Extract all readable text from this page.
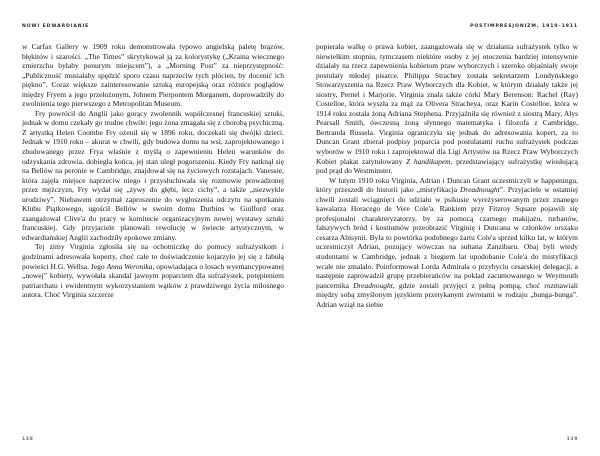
NOWI EDWARDIANIE

w Carfax Gallery w 1909 roku demonstrowała typowo angielską paletę brązów, błękitów i szarości. „The Times” skrytykował ją za kolorystykę („Kraina wiecznego zmierzchu byłaby ponurym miejscem”), a „Morning Post” za nieprzystępność: „Publiczność musiałaby spędzić sporo czasu naprzeciw tych płócien, by docenić ich piękno”. Coraz większe zainteresowanie sztuką europejską oraz różnice poglądów między Fryem a jego przełożonym, Johnem Pierpontem Morganem, doprowadziły do zwolnienia tego pierwszego z Metropolitan Museum.

Fry powrócił do Anglii jako gorący zwolennik współczesnej francuskiej sztuki, jednak w domu czekały go trudne chwile: jego żona zmagała się z chorobą psychiczną. Z artystką Helen Coombe Fry ożenił się w 1896 roku, doczekali się dwójki dzieci. Jednak w 1910 roku – akurat w chwili, gdy budowa domu na wsi, zaprojektowanego i zbudowanego przez Frya właśnie z myślą o zapewnieniu Helen warunków do odzyskania zdrowia, dobiegła końca, jej stan uległ pogorszeniu. Kiedy Fry natknął się na Bellów na peronie w Cambridge, znajdował się na życiowych rozstajach. Vanessie, która zajęła miejsce naprzeciw niego i przysłuchiwała się rozmowie prowadzonej przez mężczyzn, Fry wydał się „żywy do głębi, lecz cichy”, a także „niezwykle urodziwy”. Niebawem otrzymał zaproszenie do wygłoszenia odczytu na spotkaniu Klubu Piątkowego, ugościł Bellów w swoim domu Durbins w Guilford oraz zaangażował Clive'a do pracy w komitecie organizacyjnym nowej wystawy sztuki francuskiej. Gdy przyjaciele planowali rewolucję w świecie artystycznym, w edwardiańskiej Anglii zachodziły epokowe zmiany.

Tej zimy Virginia zgłosiła się na ochotniczkę do pomocy sufrażystkom i godzinami adresowała koperty, choć całe to doświadczenie kojarzyło jej się z fabułą powieści H.G. Wellsa. Jego Anna Weronika, opowiadająca o losach wyemancypowanej „nowej” kobiety, wywołała skandal jawnym poparciem dla sufrażystek, potępieniem patriarchatu i ewidentnym wykorzystaniem wątków z prawdziwego życia miłosnego autora. Choć Virginia szczerze

138
POSTIMPRESJONIZM, 1910–1911

popierała walkę o prawa kobiet, zaangażowała się w działania sufrażystek tylko w niewielkim stopniu, tymczasem niektóre osoby z jej otoczenia bardziej intensywnie działały na rzecz zapewnienia kobietom praw wyborczych i szeroko objaśniały swoje postulaty młodej pisarce. Philippa Strachey została sekretarzem Londyńskiego Stowarzyszenia na Rzecz Praw Wyborczych dla Kobiet, w którym działały także jej siostry, Pernel i Marjorie. Virginia znała także córki Mary Berenson: Rachel (Ray) Costelloe, która wyszła za mąż za Olivera Stracheya, oraz Karin Costelloe, która w 1914 roku została żoną Adriana Stephena. Przyjaźniła się również z siostrą Mary, Alys Pearsall Smith, ówczesną żoną słynnego matematyka i filozofa z Cambridge, Bertranda Russela. Virginia ograniczyła się jednak do adresowania kopert, za to Duncan Grant zbierał podpisy poparcia pod postulatami ruchu sufrażystek podczas wyborów w 1910 roku i zaprojektował dla Ligi Artystów na Rzecz Praw Wyborczych Kobiet plakat zatytułowany Z handikapem, przedstawiający sufrażystkę wiosłującą pod prąd do Westminster.

W lutym 1910 roku Virginia, Adrian i Duncan Grant uczestniczyli w happeningu, który przeszedł do historii jako „mistyfikacja Dreadnought”. Przyjaciele w ostatniej chwili zostali wciągnięci do udziału w psikusie wyreżyserowanym przez znanego kawalarza Horacego de Vere Cole'a. Rankiem przy Fitzroy Square pojawili się profesjonalni charakteryzatorzy, by za pomocą czarnego makijażu, turbanów, fałszywych bród i kostiumów przeobrazić Virginię i Duncana w członków orszaku cesarza Abisynii. Była to powtórka podobnego żartu Cole'a sprzed kilku lat, w którym uczestniczył Adrian, pozujący wówczas na sułtana Zanzibaru. Obaj byli wtedy studentami w Cambridge, jednak z biegiem lat upodobanie Cole'a do mistyfikacji wcale nie zmalało. Poinformował Lorda Admirała o przybyciu cesarskiej delegacji, a następnie zaprowadził grupę przebierańców na pokład zacumowanego w Weymouth pancernika Dreadnought, gdzie zostali przyjęci z pełną pompą, choć rozmawiali między sobą zmyślonym językiem przetykanym zwrotami w rodzaju „bunga-bunga”. Adrian wziął na siebie

139
